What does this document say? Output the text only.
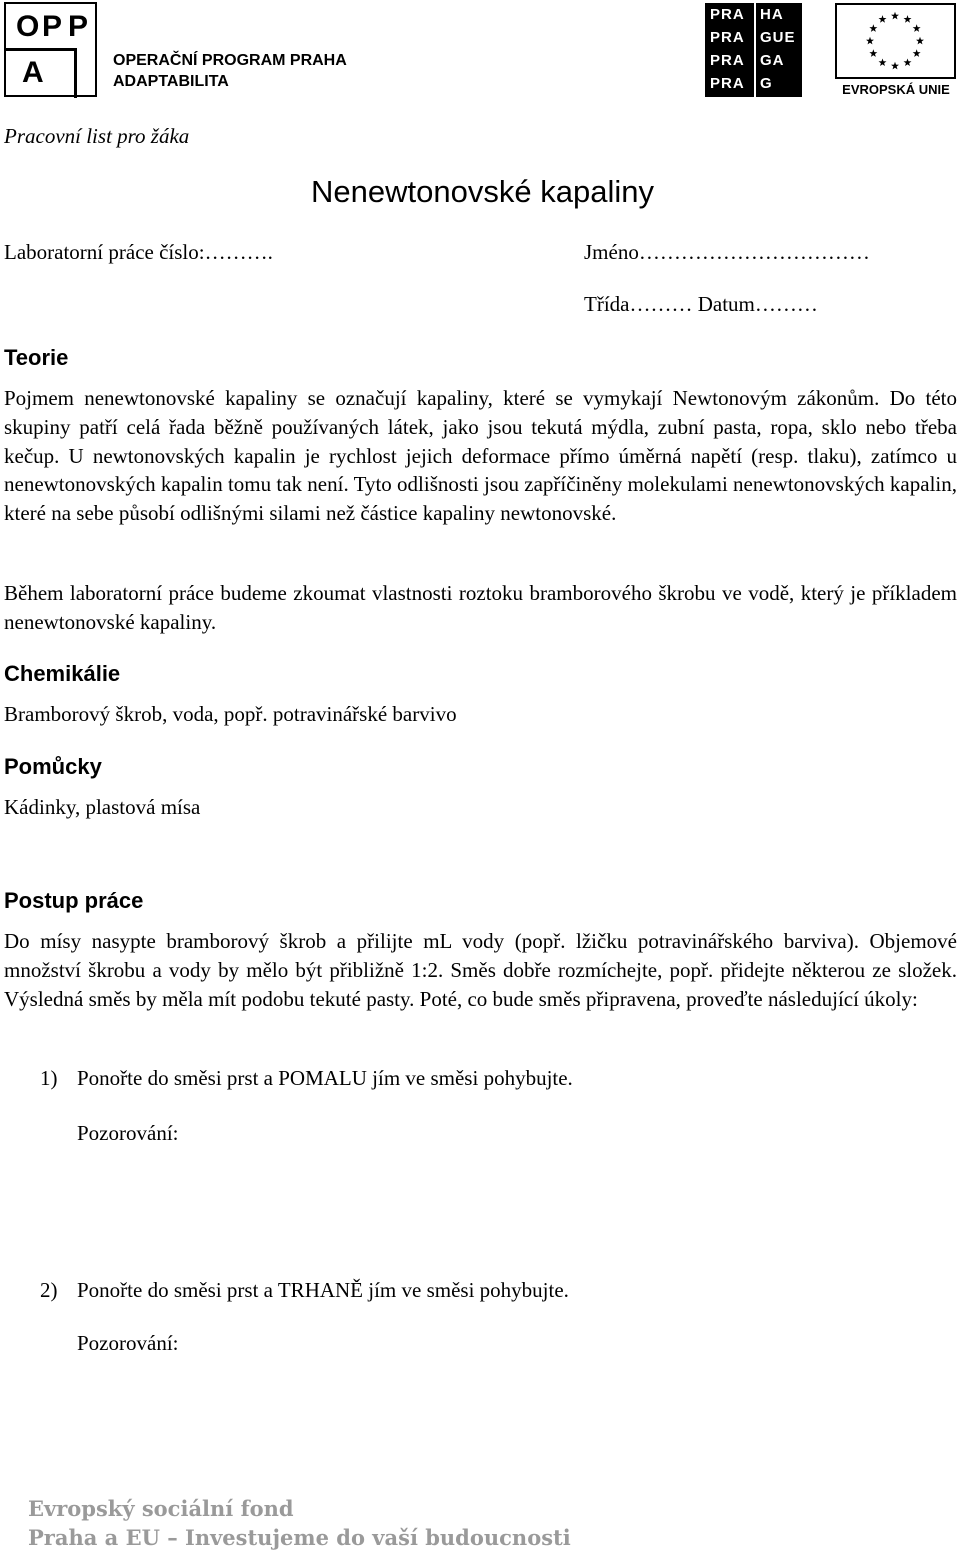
O P P
A	OPERAČNÍ PROGRAM PRAHA
ADAPTABILITA
PRA
PRA
PRA
PRA
HA
GUE
GA
G	EVROPSKÁ UNIE
Pracovní list pro žáka
Nenewtonovské kapaliny
Laboratorní práce číslo:……….	Jméno……………………………
Třída……… Datum………
Teorie

Pojmem nenewtonovské kapaliny se označují kapaliny, které se vymykají Newtonovým zákonům. Do této skupiny patří celá řada běžně používaných látek, jako jsou tekutá mýdla, zubní pasta, ropa, sklo nebo třeba kečup. U newtonovských kapalin je rychlost jejich deformace přímo úměrná napětí (resp. tlaku), zatímco u nenewtonovských kapalin tomu tak není. Tyto odlišnosti jsou zapříčiněny molekulami nenewtonovských kapalin, které na sebe působí odlišnými silami než částice kapaliny newtonovské.

Během laboratorní práce budeme zkoumat vlastnosti roztoku bramborového škrobu ve vodě, který je příkladem nenewtonovské kapaliny.

Chemikálie
Bramborový škrob, voda, popř. potravinářské barvivo
Pomůcky
Kádinky, plastová mísa
Postup práce

Do mísy nasypte bramborový škrob a přilijte mL vody (popř. lžičku potravinářského barviva). Objemové množství škrobu a vody by mělo být přibližně 1:2. Směs dobře rozmíchejte, popř. přidejte některou ze složek. Výsledná směs by měla mít podobu tekuté pasty. Poté, co bude směs připravena, proveďte následující úkoly:

1) Ponořte do směsi prst a POMALU jím ve směsi pohybujte.
Pozorování:
2) Ponořte do směsi prst a TRHANĚ jím ve směsi pohybujte.
Pozorování:
Evropský sociální fond
Praha a EU – Investujeme do vaší budoucnosti
